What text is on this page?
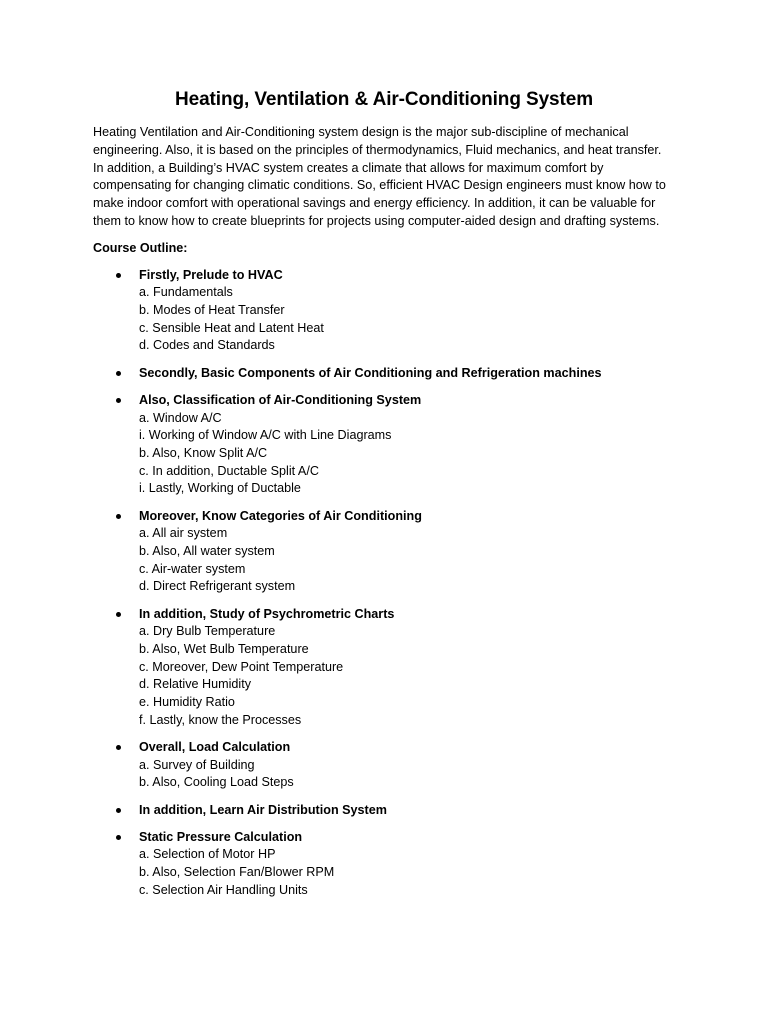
Heating, Ventilation & Air-Conditioning System

Heating Ventilation and Air-Conditioning system design is the major sub-discipline of mechanical engineering. Also, it is based on the principles of thermodynamics, Fluid mechanics, and heat transfer. In addition, a Building’s HVAC system creates a climate that allows for maximum comfort by compensating for changing climatic conditions. So, efficient HVAC Design engineers must know how to make indoor comfort with operational savings and energy efficiency. In addition, it can be valuable for them to know how to create blueprints for projects using computer-aided design and drafting systems.

Course Outline:
Firstly, Prelude to HVAC
a. Fundamentals
b. Modes of Heat Transfer
c. Sensible Heat and Latent Heat
d. Codes and Standards
Secondly, Basic Components of Air Conditioning and Refrigeration machines
Also, Classification of Air-Conditioning System
a. Window A/C
i. Working of Window A/C with Line Diagrams
b. Also, Know Split A/C
c. In addition, Ductable Split A/C
i. Lastly, Working of Ductable
Moreover, Know Categories of Air Conditioning
a. All air system
b. Also, All water system
c. Air-water system
d. Direct Refrigerant system
In addition, Study of Psychrometric Charts
a. Dry Bulb Temperature
b. Also, Wet Bulb Temperature
c. Moreover, Dew Point Temperature
d. Relative Humidity
e. Humidity Ratio
f. Lastly, know the Processes
Overall, Load Calculation
a. Survey of Building
b. Also, Cooling Load Steps
In addition, Learn Air Distribution System
Static Pressure Calculation
a. Selection of Motor HP
b. Also, Selection Fan/Blower RPM
c. Selection Air Handling Units
